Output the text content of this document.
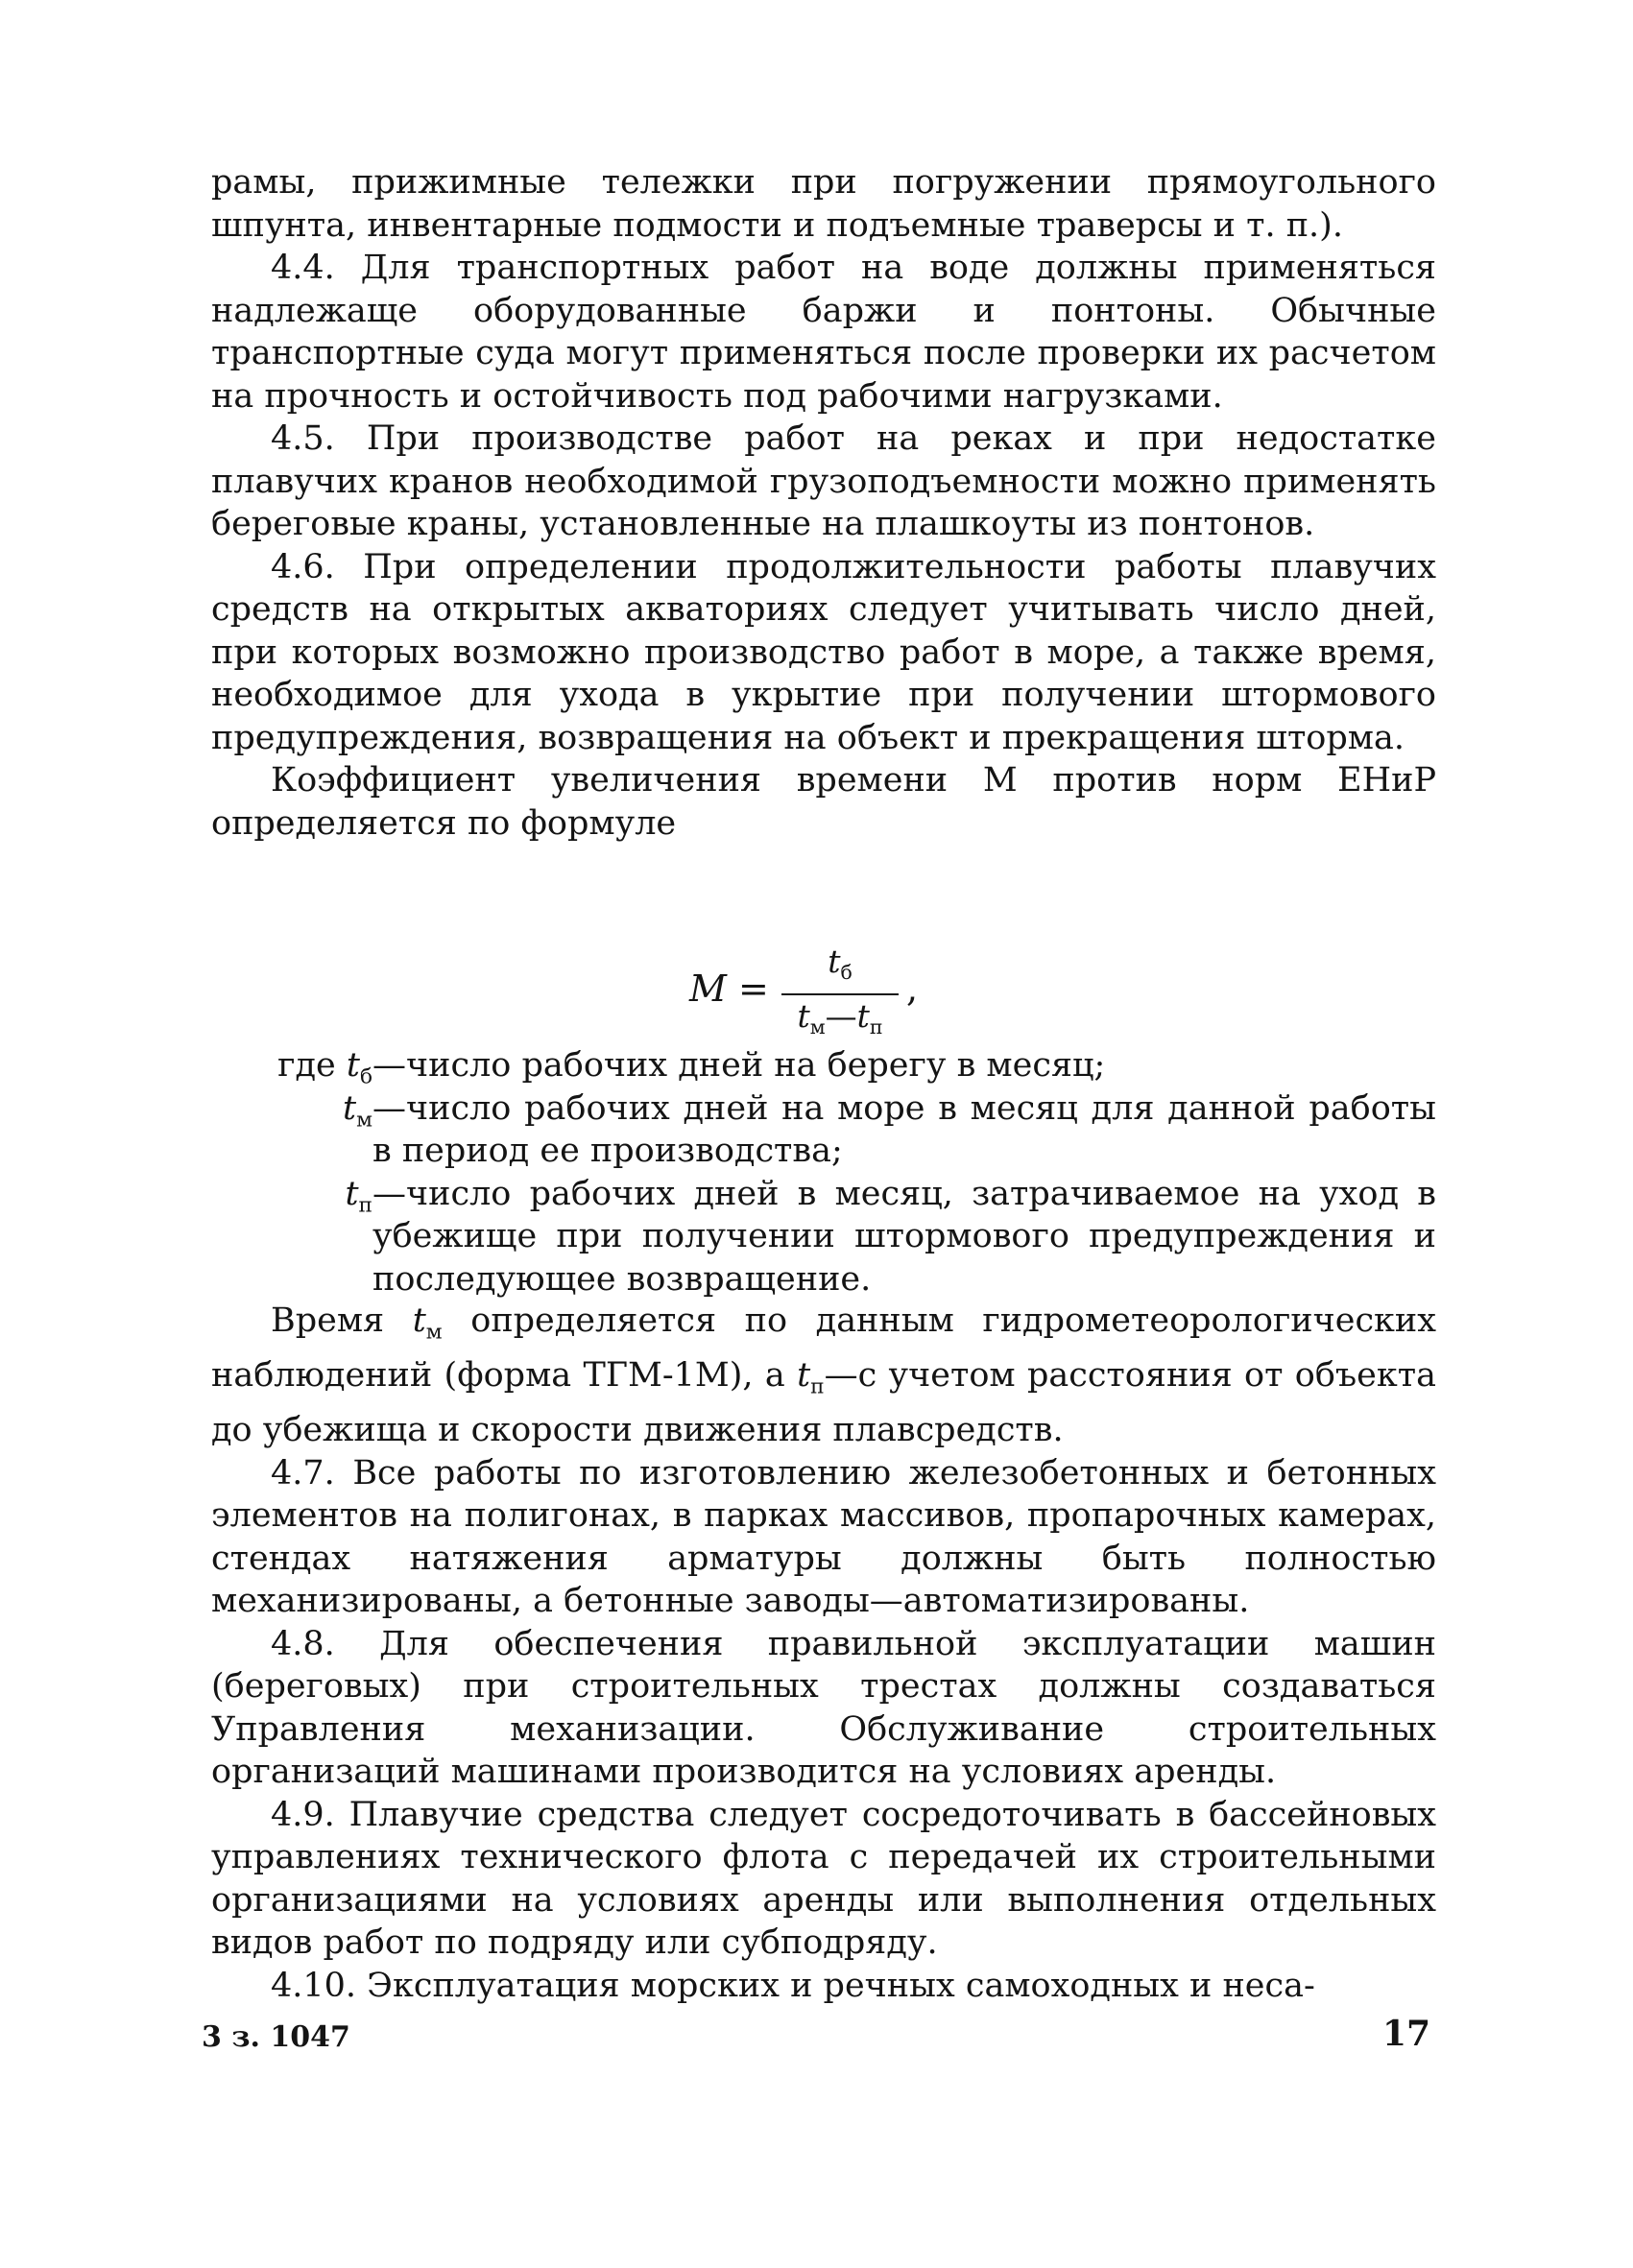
рамы, прижимные тележки при погружении прямоугольного шпунта, инвентарные подмости и подъемные траверсы и т. п.).

4.4. Для транспортных работ на воде должны применяться надлежаще оборудованные баржи и понтоны. Обычные транспортные суда могут применяться после проверки их расчетом на прочность и остойчивость под рабочими нагрузками.

4.5. При производстве работ на реках и при недостатке плавучих кранов необходимой грузоподъемности можно применять береговые краны, установленные на плашкоуты из понтонов.

4.6. При определении продолжительности работы плавучих средств на открытых акваториях следует учитывать число дней, при которых возможно производство работ в море, а также время, необходимое для ухода в укрытие при получении штормового предупреждения, возвращения на объект и прекращения шторма.

Коэффициент увеличения времени М против норм ЕНиР определяется по формуле

M =
$t_б$
$t_м—t_п$
,
где $t_б$ —число рабочих дней на берегу в месяц;
$t_м$ —число рабочих дней на море в месяц для данной работы в период ее производства;
$t_п$ —число рабочих дней в месяц, затрачиваемое на уход в убежище при получении штормового предупреждения и последующее возвращение.

Время $t_м$ определяется по данным гидрометеорологических наблюдений (форма ТГМ-1М), а $t_п—с$ учетом расстояния от объекта до убежища и скорости движения плавсредств.

4.7. Все работы по изготовлению железобетонных и бетонных элементов на полигонах, в парках массивов, пропарочных камерах, стендах натяжения арматуры должны быть полностью механизированы, а бетонные заводы—автоматизированы.

4.8. Для обеспечения правильной эксплуатации машин (береговых) при строительных трестах должны создаваться Управления механизации. Обслуживание строительных организаций машинами производится на условиях аренды.

4.9. Плавучие средства следует сосредоточивать в бассейновых управлениях технического флота с передачей их строительными организациями на условиях аренды или выполнения отдельных видов работ по подряду или субподряду.

4.10. Эксплуатация морских и речных самоходных и неса-

3 з. 1047	17
